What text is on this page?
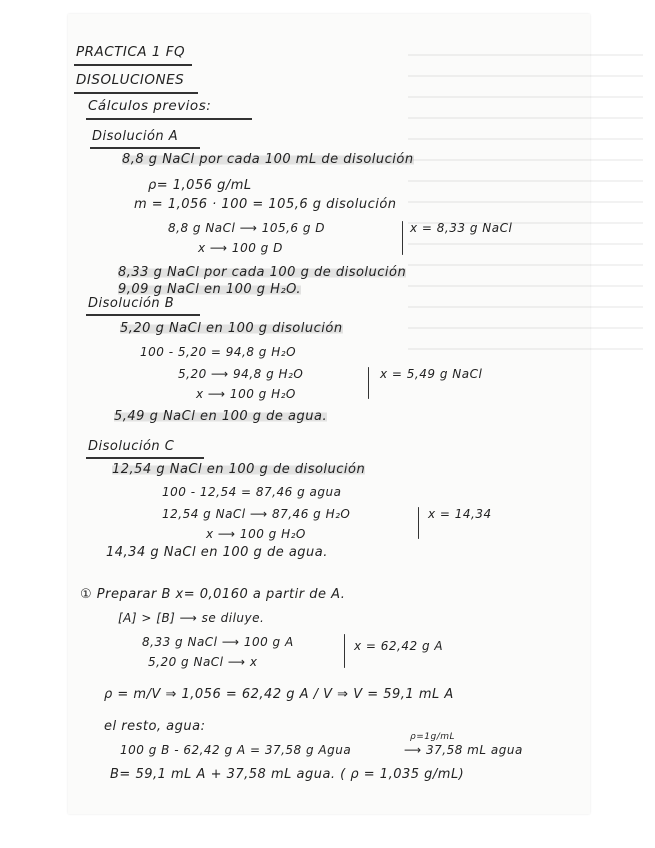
PRACTICA 1 FQ
DISOLUCIONES
Cálculos previos:
Disolución A
8,8 g NaCl por cada 100 mL de disolución
ρ= 1,056 g/mL
m = 1,056 · 100 = 105,6 g disolución
8,8 g NaCl ⟶ 105,6 g D
x ⟶ 100 g D
x = 8,33 g NaCl
8,33 g NaCl por cada 100 g de disolución
9,09 g NaCl en 100 g H₂O.
Disolución B
5,20 g NaCl en 100 g disolución
100 - 5,20 = 94,8 g H₂O
5,20 ⟶ 94,8 g H₂O
x ⟶ 100 g H₂O
x = 5,49 g NaCl
5,49 g NaCl en 100 g de agua.
Disolución C
12,54 g NaCl en 100 g de disolución
100 - 12,54 = 87,46 g agua
12,54 g NaCl ⟶ 87,46 g H₂O
x ⟶ 100 g H₂O
x = 14,34
14,34 g NaCl en 100 g de agua.
① Preparar B x= 0,0160 a partir de A.
[A] > [B] ⟶ se diluye.
8,33 g NaCl ⟶ 100 g A
5,20 g NaCl ⟶ x
x = 62,42 g A
ρ = m/V ⇒ 1,056 = 62,42 g A / V ⇒ V = 59,1 mL A
el resto, agua:
ρ=1g/mL
100 g B - 62,42 g A = 37,58 g Agua	⟶ 37,58 mL agua
B= 59,1 mL A + 37,58 mL agua. ( ρ = 1,035 g/mL)
